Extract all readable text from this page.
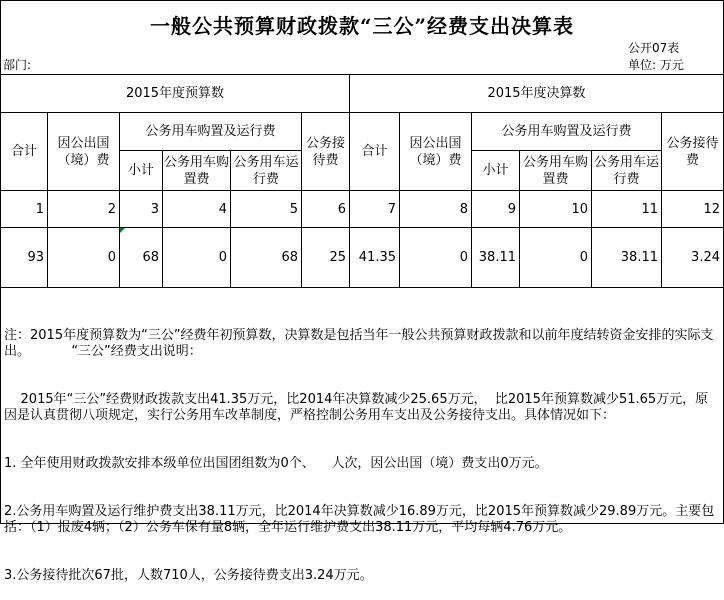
一般公共预算财政拨款“三公”经费支出决算表
公开07表
部门:	单位: 万元
2015年度预算数						2015年度决算数					
合计	因公出国（境）费	公务用车购置及运行费			公务接待费	合计	因公出国（境）费	公务用车购置及运行费			公务接待费
		小计	公务用车购置费	公务用车运行费				小计	公务用车购置费	公务用车运行费	
1	2	3	4	5	6	7	8	9	10	11	12
93	0	68	0	68	25	41.35	0	38.11	0	38.11	3.24

注：2015年度预算数为“三公”经费年初预算数，决算数是包括当年一般公共预算财政拨款和以前年度结转资金安排的实际支出。          “三公”经费支出说明：

2015年“三公”经费财政拨款支出41.35万元，比2014年决算数减少25.65万元，  比2015年预算数减少51.65万元，原因是认真贯彻八项规定，实行公务用车改革制度，严格控制公务用车支出及公务接待支出。具体情况如下：

1. 全年使用财政拨款安排本级单位出国团组数为0个、    人次，因公出国（境）费支出0万元。

2.公务用车购置及运行维护费支出38.11万元，比2014年决算数减少16.89万元，比2015年预算数减少29.89万元。主要包括：（1）报废4辆；（2）公务车保有量8辆，全年运行维护费支出38.11万元，平均每辆4.76万元。

3.公务接待批次67批，人数710人，公务接待费支出3.24万元。
